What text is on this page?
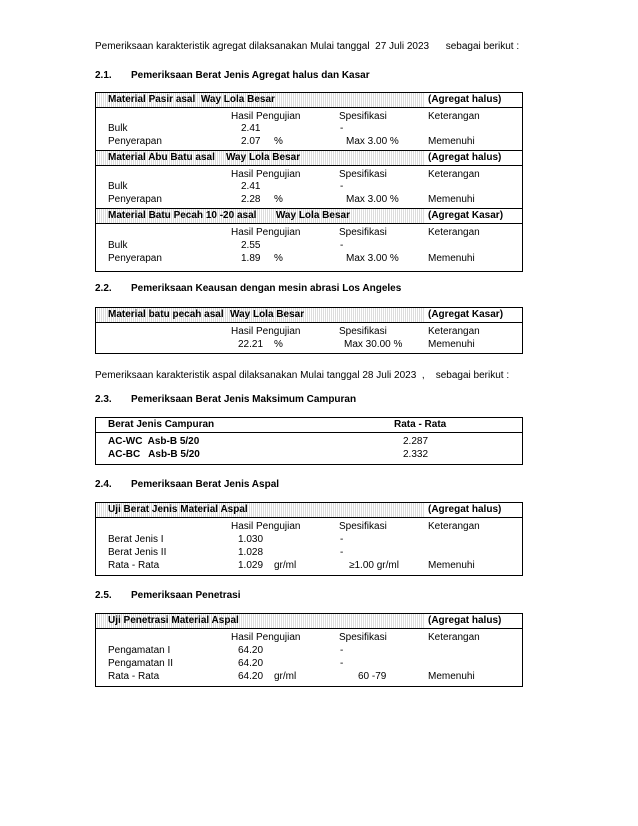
Pemeriksaan karakteristik agregat dilaksanakan Mulai tanggal  27 Juli 2023      sebagai berikut :
2.1. Pemeriksaan Berat Jenis Agregat halus dan Kasar
Material Pasir asal  Way Lola Besar	(Agregat halus)
Hasil Pengujian	Spesifikasi	Keterangan
Bulk	2.41	-
Penyerapan	2.07 %	Max 3.00 %	Memenuhi
Material Abu Batu asal    Way Lola Besar	(Agregat halus)
Hasil Pengujian	Spesifikasi	Keterangan
Bulk	2.41	-
Penyerapan	2.28 %	Max 3.00 %	Memenuhi
Material Batu Pecah 10 -20 asal       Way Lola Besar	(Agregat Kasar)
Hasil Pengujian	Spesifikasi	Keterangan
Bulk	2.55	-
Penyerapan	1.89 %	Max 3.00 %	Memenuhi
2.2. Pemeriksaan Keausan dengan mesin abrasi Los Angeles
Material batu pecah asal Way Lola Besar	(Agregat Kasar)
Hasil Pengujian	Spesifikasi	Keterangan
22.21 %	Max 30.00 %	Memenuhi
Pemeriksaan karakteristik aspal dilaksanakan Mulai tanggal 28 Juli 2023  ,    sebagai berikut :
2.3. Pemeriksaan Berat Jenis Maksimum Campuran
Berat Jenis Campuran	Rata - Rata
AC-WC  Asb-B 5/20	2.287
AC-BC   Asb-B 5/20	2.332
2.4. Pemeriksaan Berat Jenis Aspal
Uji Berat Jenis Material Aspal	(Agregat halus)
Hasil Pengujian	Spesifikasi	Keterangan
Berat Jenis I	1.030	-
Berat Jenis II	1.028	-
Rata - Rata	1.029 gr/ml	≥1.00 gr/ml	Memenuhi
2.5. Pemeriksaan Penetrasi
Uji Penetrasi Material Aspal	(Agregat halus)
Hasil Pengujian	Spesifikasi	Keterangan
Pengamatan I	64.20	-
Pengamatan II	64.20	-
Rata - Rata	64.20 gr/ml	60 -79	Memenuhi
